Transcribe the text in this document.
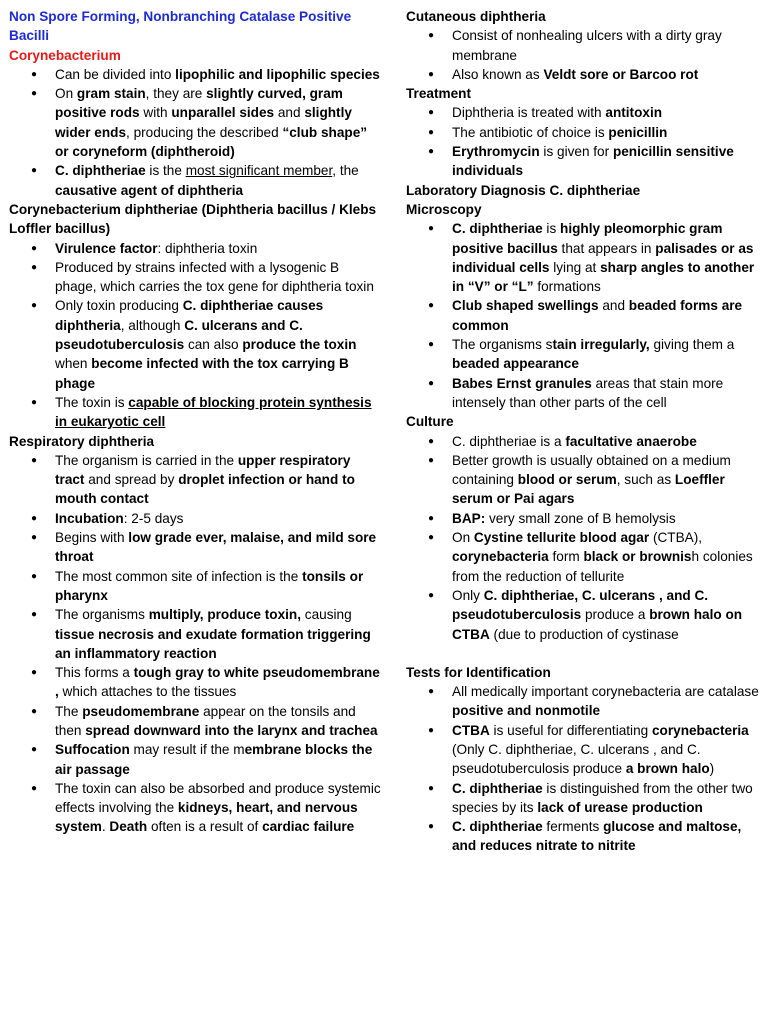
Non Spore Forming, Nonbranching Catalase Positive Bacilli
Corynebacterium
● Can be divided into lipophilic and lipophilic species
● On gram stain, they are slightly curved, gram positive rods with unparallel sides and slightly wider ends, producing the described “club shape” or coryneform (diphtheroid)
● C. diphtheriae is the most significant member, the causative agent of diphtheria
Corynebacterium diphtheriae (Diphtheria bacillus / Klebs Loffler bacillus)
● Virulence factor: diphtheria toxin
● Produced by strains infected with a lysogenic B phage, which carries the tox gene for diphtheria toxin
● Only toxin producing C. diphtheriae causes diphtheria, although C. ulcerans and C. pseudotuberculosis can also produce the toxin when become infected with the tox carrying B phage
● The toxin is capable of blocking protein synthesis in eukaryotic cell
Respiratory diphtheria
● The organism is carried in the upper respiratory tract and spread by droplet infection or hand to mouth contact
● Incubation: 2-5 days
● Begins with low grade ever, malaise, and mild sore throat
● The most common site of infection is the tonsils or pharynx
● The organisms multiply, produce toxin, causing tissue necrosis and exudate formation triggering an inflammatory reaction
● This forms a tough gray to white pseudomembrane , which attaches to the tissues
● The pseudomembrane appear on the tonsils and then spread downward into the larynx and trachea
● Suffocation may result if the membrane blocks the air passage
● The toxin can also be absorbed and produce systemic effects involving the kidneys, heart, and nervous system. Death often is a result of cardiac failure
Cutaneous diphtheria
● Consist of nonhealing ulcers with a dirty gray membrane
● Also known as Veldt sore or Barcoo rot
Treatment
● Diphtheria is treated with antitoxin
● The antibiotic of choice is penicillin
● Erythromycin is given for penicillin sensitive individuals
Laboratory Diagnosis C. diphtheriae
Microscopy
● C. diphtheriae is highly pleomorphic gram positive bacillus that appears in palisades or as individual cells lying at sharp angles to another in “V” or “L” formations
● Club shaped swellings and beaded forms are common
● The organisms stain irregularly, giving them a beaded appearance
● Babes Ernst granules areas that stain more intensely than other parts of the cell
Culture
● C. diphtheriae is a facultative anaerobe
● Better growth is usually obtained on a medium containing blood or serum, such as Loeffler serum or Pai agars
● BAP: very small zone of B hemolysis
● On Cystine tellurite blood agar (CTBA), corynebacteria form black or brownish colonies from the reduction of tellurite
● Only C. diphtheriae, C. ulcerans , and C. pseudotuberculosis produce a brown halo on CTBA (due to production of cystinase
Tests for Identification
● All medically important corynebacteria are catalase positive and nonmotile
● CTBA is useful for differentiating corynebacteria (Only C. diphtheriae, C. ulcerans , and C. pseudotuberculosis produce a brown halo)
● C. diphtheriae is distinguished from the other two species by its lack of urease production
● C. diphtheriae ferments glucose and maltose, and reduces nitrate to nitrite
